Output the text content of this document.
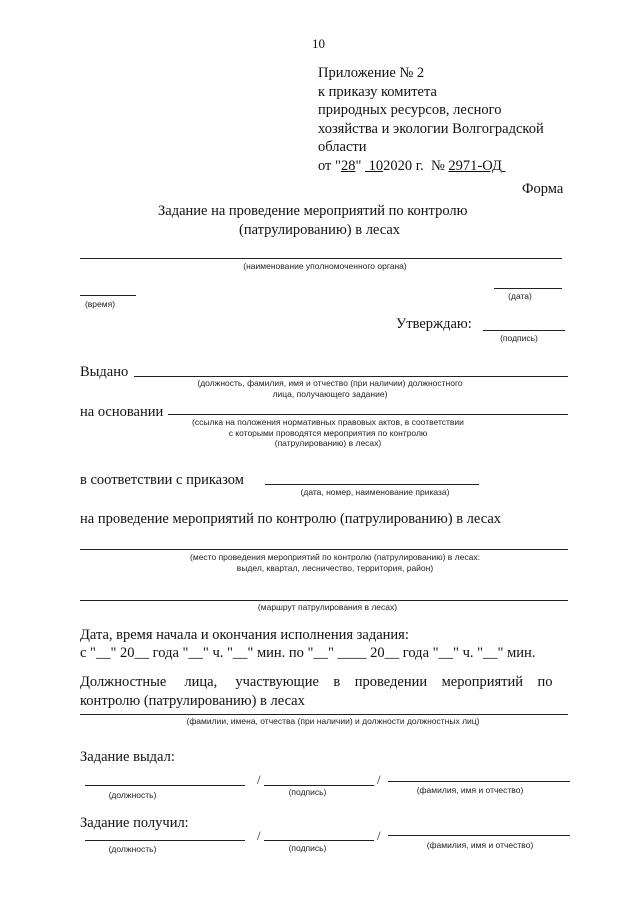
10
Приложение № 2
к приказу комитета
природных ресурсов, лесного
хозяйства и экологии Волгоградской
области
от "28" 102020 г. № 2971-ОД
Форма
Задание на проведение мероприятий по контролю
(патрулированию) в лесах
(наименование уполномоченного органа)
(время)
(дата)
Утверждаю:
(подпись)
Выдано
(должность, фамилия, имя и отчество (при наличии) должностного
лица, получающего задание)
на основании
(ссылка на положения нормативных правовых актов, в соответствии
с которыми проводятся мероприятия по контролю
(патрулированию) в лесах)
в соответствии с приказом
(дата, номер, наименование приказа)
на проведение мероприятий по контролю (патрулированию) в лесах
(место проведения мероприятий по контролю (патрулированию) в лесах:
выдел, квартал, лесничество, территория, район)
(маршрут патрулирования в лесах)
Дата, время начала и окончания исполнения задания:
с "__" 20__ года "__" ч. "__" мин. по "__" ____ 20__ года "__" ч. "__" мин.
Должностные     лица,     участвующие    в    проведении    мероприятий    по
контролю (патрулированию) в лесах
(фамилии, имена, отчества (при наличии) и должности должностных лиц)
Задание выдал:
/	/
(должность)	(подпись)	(фамилия, имя и отчество)
Задание получил:
/	/
(должность)	(подпись)	(фамилия, имя и отчество)
